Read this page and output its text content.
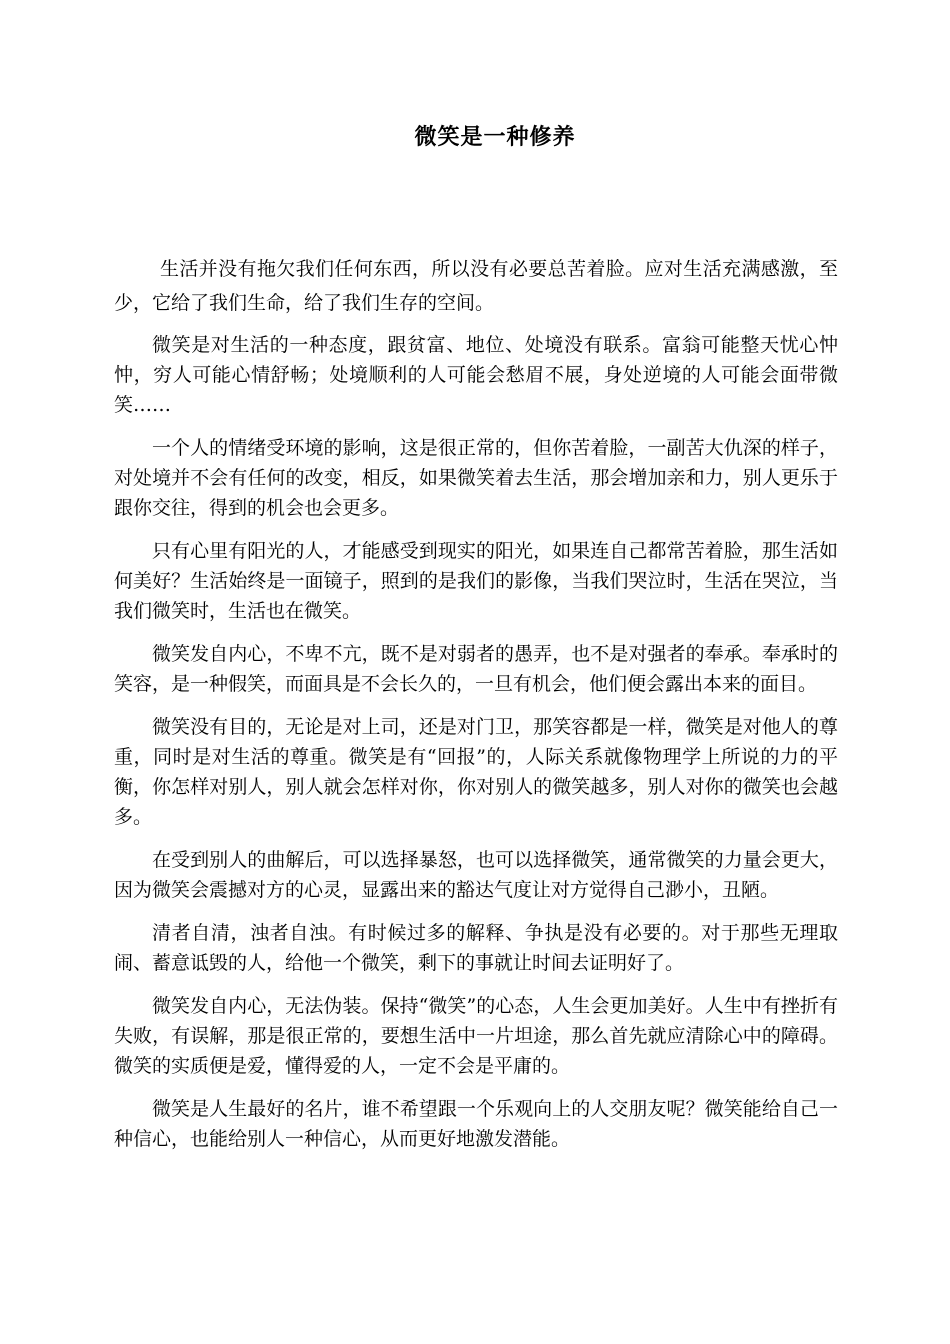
微笑是一种修养

生活并没有拖欠我们任何东西，所以没有必要总苦着脸。应对生活充满感激，至少，它给了我们生命，给了我们生存的空间。

微笑是对生活的一种态度，跟贫富、地位、处境没有联系。富翁可能整天忧心忡忡，穷人可能心情舒畅；处境顺利的人可能会愁眉不展，身处逆境的人可能会面带微笑……

一个人的情绪受环境的影响，这是很正常的，但你苦着脸，一副苦大仇深的样子，对处境并不会有任何的改变，相反，如果微笑着去生活，那会增加亲和力，别人更乐于跟你交往，得到的机会也会更多。

只有心里有阳光的人，才能感受到现实的阳光，如果连自己都常苦着脸，那生活如何美好？生活始终是一面镜子，照到的是我们的影像，当我们哭泣时，生活在哭泣，当我们微笑时，生活也在微笑。

微笑发自内心，不卑不亢，既不是对弱者的愚弄，也不是对强者的奉承。奉承时的笑容，是一种假笑，而面具是不会长久的，一旦有机会，他们便会露出本来的面目。

微笑没有目的，无论是对上司，还是对门卫，那笑容都是一样，微笑是对他人的尊重，同时是对生活的尊重。微笑是有“回报”的，人际关系就像物理学上所说的力的平衡，你怎样对别人，别人就会怎样对你，你对别人的微笑越多，别人对你的微笑也会越多。

在受到别人的曲解后，可以选择暴怒，也可以选择微笑，通常微笑的力量会更大，因为微笑会震撼对方的心灵，显露出来的豁达气度让对方觉得自己渺小，丑陋。

清者自清，浊者自浊。有时候过多的解释、争执是没有必要的。对于那些无理取闹、蓄意诋毁的人，给他一个微笑，剩下的事就让时间去证明好了。

微笑发自内心，无法伪装。保持“微笑”的心态，人生会更加美好。人生中有挫折有失败，有误解，那是很正常的，要想生活中一片坦途，那么首先就应清除心中的障碍。微笑的实质便是爱，懂得爱的人，一定不会是平庸的。

微笑是人生最好的名片，谁不希望跟一个乐观向上的人交朋友呢？微笑能给自己一种信心，也能给别人一种信心，从而更好地激发潜能。
